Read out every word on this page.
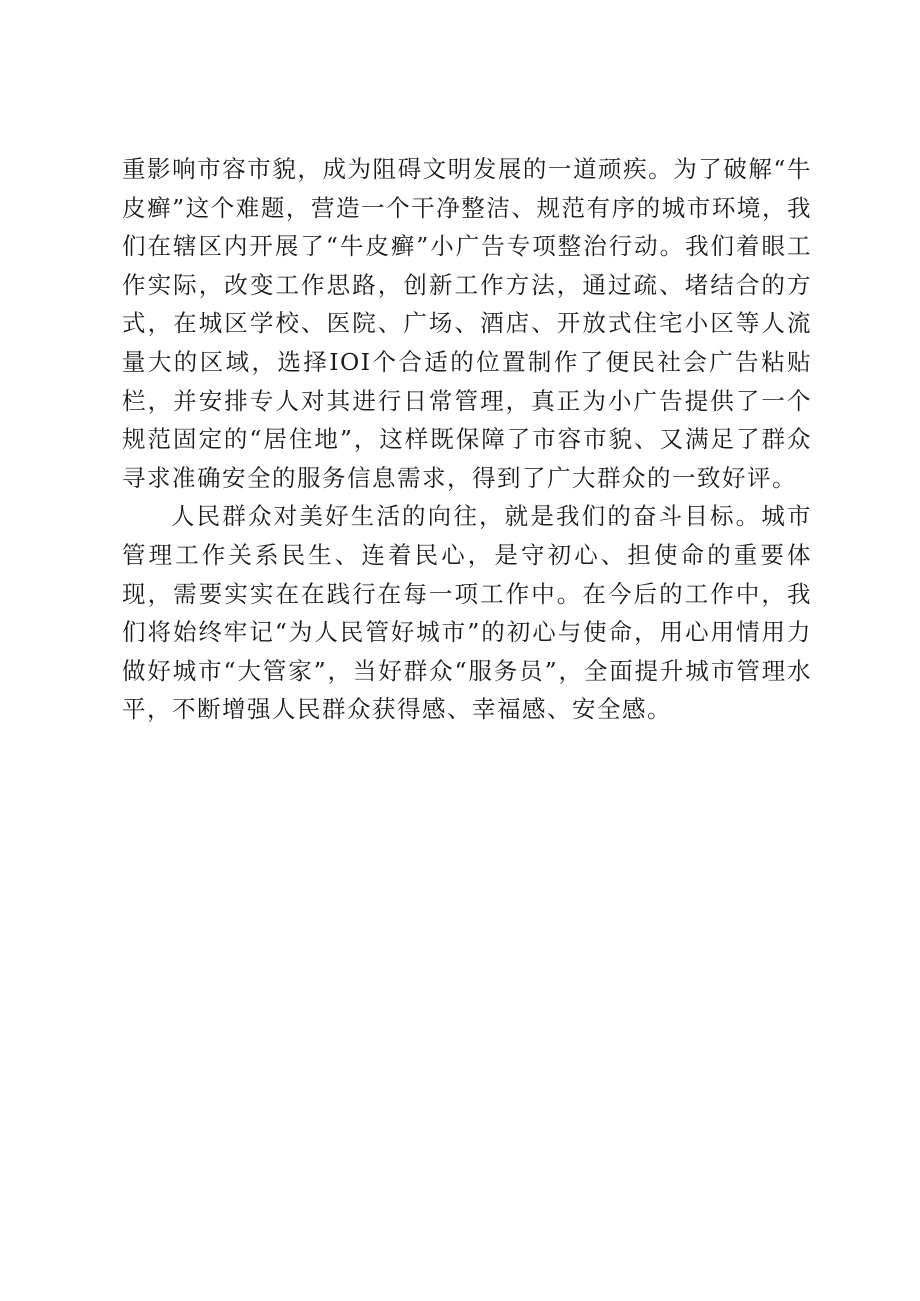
重影响市容市貌，成为阻碍文明发展的一道顽疾。为了破解“牛皮癣”这个难题，营造一个干净整洁、规范有序的城市环境，我们在辖区内开展了“牛皮癣”小广告专项整治行动。我们着眼工作实际，改变工作思路，创新工作方法，通过疏、堵结合的方式，在城区学校、医院、广场、酒店、开放式住宅小区等人流量大的区域，选择IOI个合适的位置制作了便民社会广告粘贴栏，并安排专人对其进行日常管理，真正为小广告提供了一个规范固定的“居住地”，这样既保障了市容市貌、又满足了群众寻求准确安全的服务信息需求，得到了广大群众的一致好评。

人民群众对美好生活的向往，就是我们的奋斗目标。城市管理工作关系民生、连着民心，是守初心、担使命的重要体现，需要实实在在践行在每一项工作中。在今后的工作中，我们将始终牢记“为人民管好城市”的初心与使命，用心用情用力做好城市“大管家”，当好群众“服务员”，全面提升城市管理水平，不断增强人民群众获得感、幸福感、安全感。
